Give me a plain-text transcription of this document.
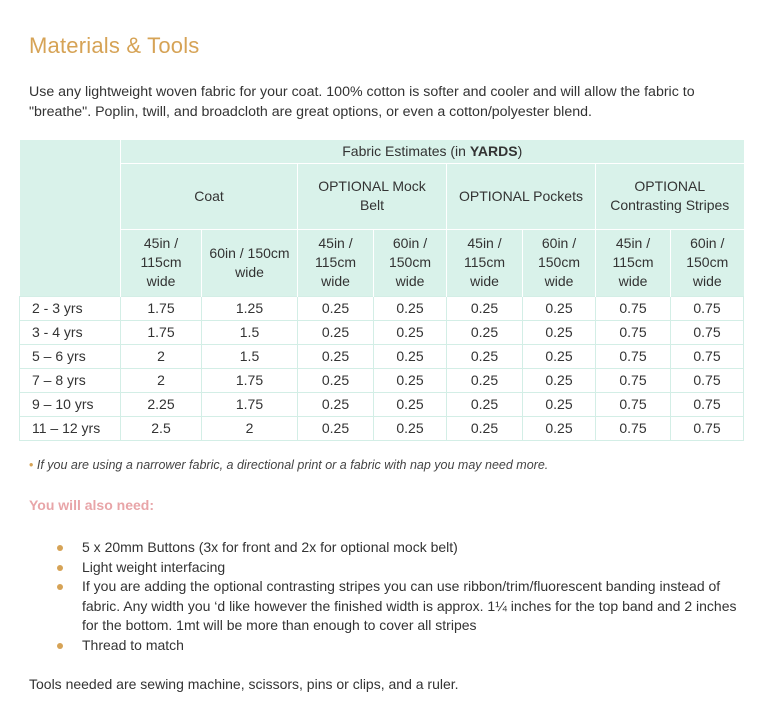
Materials & Tools
Use any lightweight woven fabric for your coat. 100% cotton is softer and cooler and will allow the fabric to "breathe". Poplin, twill, and broadcloth are great options, or even a cotton/polyester blend.
	Fabric Estimates (in YARDS)							
	Coat		OPTIONAL Mock Belt		OPTIONAL Pockets		OPTIONAL Contrasting Stripes	
	45in / 115cm wide	60in / 150cm wide	45in / 115cm wide	60in / 150cm wide	45in / 115cm wide	60in / 150cm wide	45in / 115cm wide	60in / 150cm wide
2 - 3 yrs	1.75	1.25	0.25	0.25	0.25	0.25	0.75	0.75
3 - 4 yrs	1.75	1.5	0.25	0.25	0.25	0.25	0.75	0.75
5 – 6 yrs	2	1.5	0.25	0.25	0.25	0.25	0.75	0.75
7 – 8 yrs	2	1.75	0.25	0.25	0.25	0.25	0.75	0.75
9 – 10 yrs	2.25	1.75	0.25	0.25	0.25	0.25	0.75	0.75
11 – 12 yrs	2.5	2	0.25	0.25	0.25	0.25	0.75	0.75
• If you are using a narrower fabric, a directional print or a fabric with nap you may need more.
You will also need:
5 x 20mm Buttons (3x for front and 2x for optional mock belt)
Light weight interfacing
If you are adding the optional contrasting stripes you can use ribbon/trim/fluorescent banding instead of fabric. Any width you ‘d like however the finished width is approx. 1¼ inches for the top band and 2 inches for the bottom. 1mt will be more than enough to cover all stripes
Thread to match
Tools needed are sewing machine, scissors, pins or clips, and a ruler.
